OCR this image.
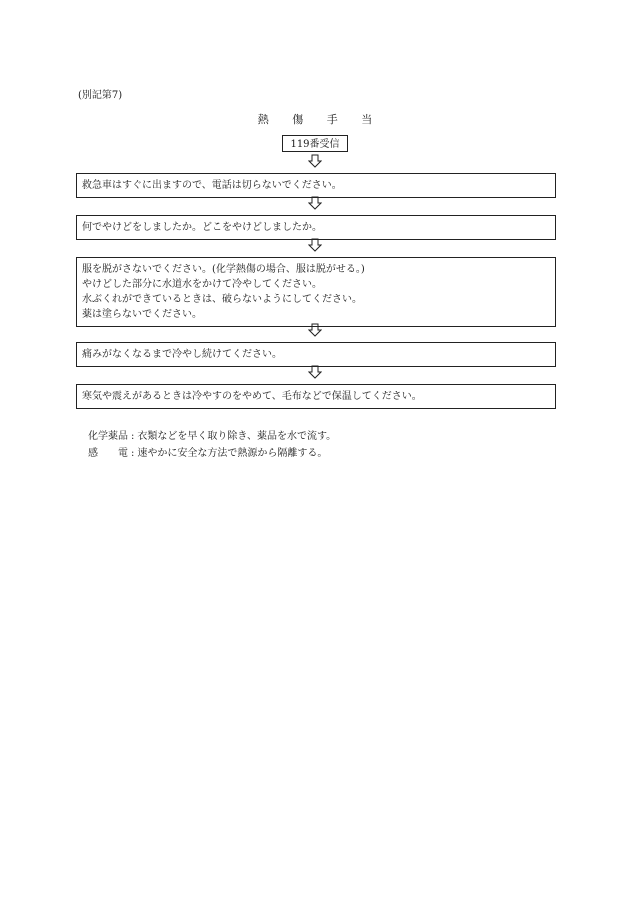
(別記第7)
熱 傷 手 当
119番受信
救急車はすぐに出ますので、電話は切らないでください。
何でやけどをしましたか。どこをやけどしましたか。
服を脱がさないでください。(化学熱傷の場合、服は脱がせる。)
やけどした部分に水道水をかけて冷やしてください。
水ぶくれができているときは、破らないようにしてください。
薬は塗らないでください。
痛みがなくなるまで冷やし続けてください。
寒気や震えがあるときは冷やすのをやめて、毛布などで保温してください。
化学薬品 : 衣類などを早く取り除き、薬品を水で流す。
感　　電 : 速やかに安全な方法で熱源から隔離する。
